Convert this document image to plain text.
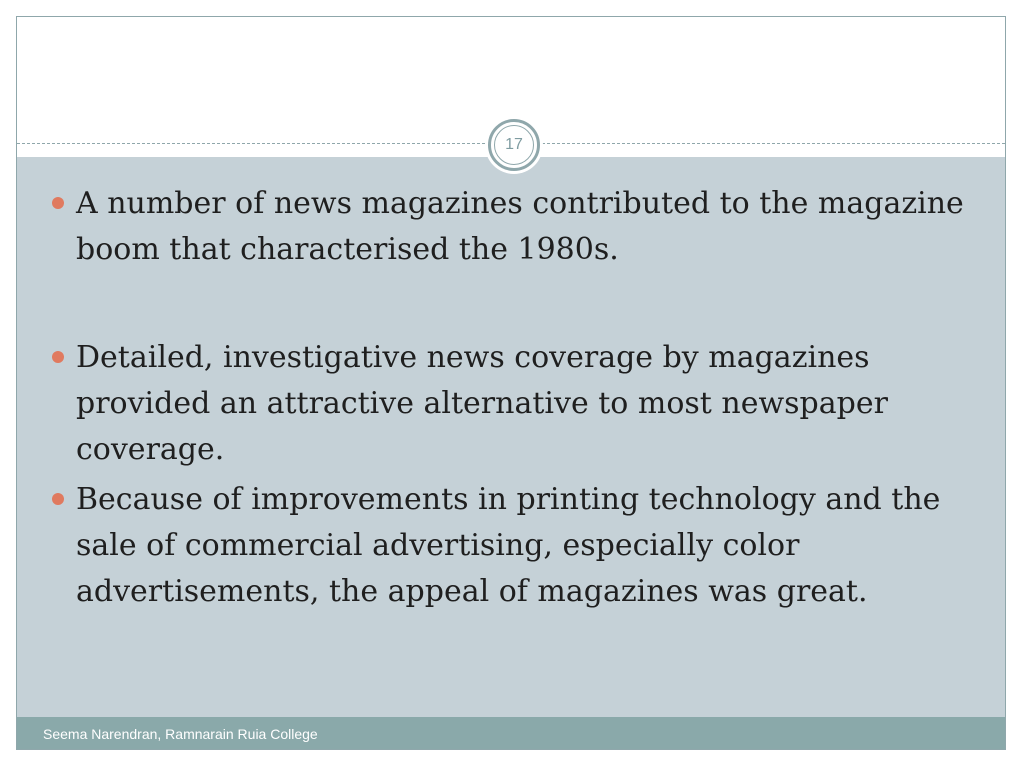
17
A number of news magazines contributed to the magazine boom that characterised the 1980s.
Detailed, investigative news coverage by magazines provided an attractive alternative to most newspaper coverage.
Because of improvements in printing technology and the sale of commercial advertising, especially color advertisements, the appeal of magazines was great.
Seema Narendran, Ramnarain Ruia College
